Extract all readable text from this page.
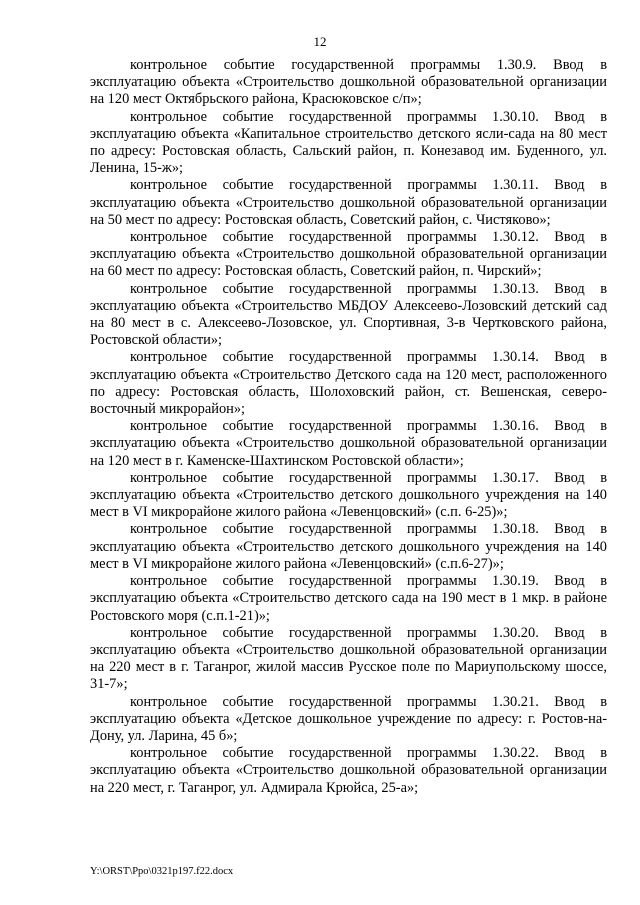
12

контрольное событие государственной программы 1.30.9. Ввод в эксплуатацию объекта «Строительство дошкольной образовательной организации на 120 мест Октябрьского района, Красюковское с/п»;

контрольное событие государственной программы 1.30.10. Ввод в эксплуатацию объекта «Капитальное строительство детского ясли-сада на 80 мест по адресу: Ростовская область, Сальский район, п. Конезавод им. Буденного, ул. Ленина, 15-ж»;

контрольное событие государственной программы 1.30.11. Ввод в эксплуатацию объекта «Строительство дошкольной образовательной организации на 50 мест по адресу: Ростовская область, Советский район, с. Чистяково»;

контрольное событие государственной программы 1.30.12. Ввод в эксплуатацию объекта «Строительство дошкольной образовательной организации на 60 мест по адресу: Ростовская область, Советский район, п. Чирский»;

контрольное событие государственной программы 1.30.13. Ввод в эксплуатацию объекта «Строительство МБДОУ Алексеево-Лозовский детский сад на 80 мест в с. Алексеево-Лозовское, ул. Спортивная, 3-в Чертковского района, Ростовской области»;

контрольное событие государственной программы 1.30.14. Ввод в эксплуатацию объекта «Строительство Детского сада на 120 мест, расположенного по адресу: Ростовская область, Шолоховский район, ст. Вешенская, северо-восточный микрорайон»;

контрольное событие государственной программы 1.30.16. Ввод в эксплуатацию объекта «Строительство дошкольной образовательной организации на 120 мест в г. Каменске-Шахтинском Ростовской области»;

контрольное событие государственной программы 1.30.17. Ввод в эксплуатацию объекта «Строительство детского дошкольного учреждения на 140 мест в VI микрорайоне жилого района «Левенцовский» (с.п. 6-25)»;

контрольное событие государственной программы 1.30.18. Ввод в эксплуатацию объекта «Строительство детского дошкольного учреждения на 140 мест в VI микрорайоне жилого района «Левенцовский» (с.п.6-27)»;

контрольное событие государственной программы 1.30.19. Ввод в эксплуатацию объекта «Строительство детского сада на 190 мест в 1 мкр. в районе Ростовского моря (с.п.1-21)»;

контрольное событие государственной программы 1.30.20. Ввод в эксплуатацию объекта «Строительство дошкольной образовательной организации на 220 мест в г. Таганрог, жилой массив Русское поле по Мариупольскому шоссе, 31-7»;

контрольное событие государственной программы 1.30.21. Ввод в эксплуатацию объекта «Детское дошкольное учреждение по адресу: г. Ростов-на-Дону, ул. Ларина, 45 б»;

контрольное событие государственной программы 1.30.22. Ввод в эксплуатацию объекта «Строительство дошкольной образовательной организации на 220 мест, г. Таганрог, ул. Адмирала Крюйса, 25-а»;

Y:\ORST\Ppo\0321p197.f22.docx
